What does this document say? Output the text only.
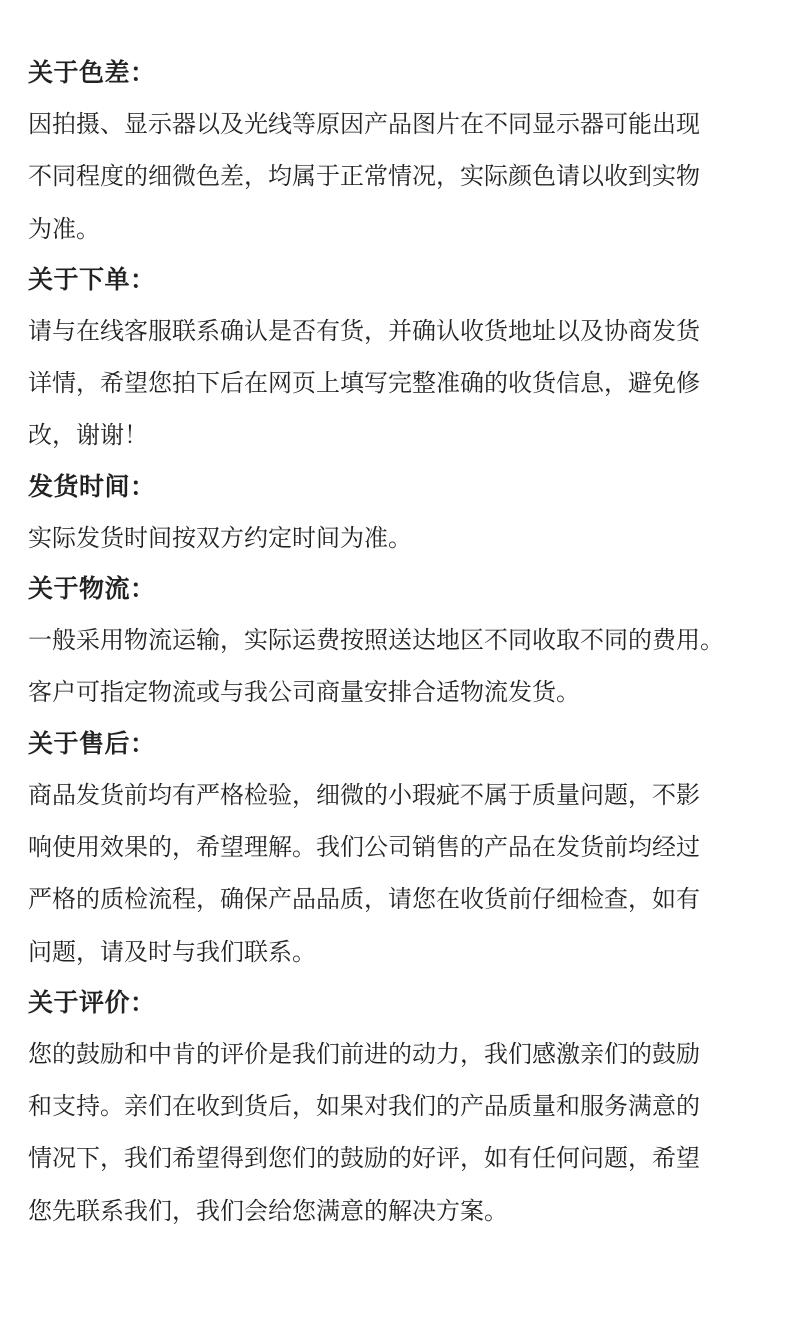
关于色差：

因拍摄、显示器以及光线等原因产品图片在不同显示器可能出现
不同程度的细微色差，均属于正常情况，实际颜色请以收到实物
为准。

关于下单：

请与在线客服联系确认是否有货，并确认收货地址以及协商发货
详情，希望您拍下后在网页上填写完整准确的收货信息，避免修
改，谢谢！

发货时间：

实际发货时间按双方约定时间为准。

关于物流：

一般采用物流运输，实际运费按照送达地区不同收取不同的费用。
客户可指定物流或与我公司商量安排合适物流发货。

关于售后：

商品发货前均有严格检验，细微的小瑕疵不属于质量问题，不影
响使用效果的，希望理解。我们公司销售的产品在发货前均经过
严格的质检流程，确保产品品质，请您在收货前仔细检查，如有
问题，请及时与我们联系。

关于评价：

您的鼓励和中肯的评价是我们前进的动力，我们感激亲们的鼓励
和支持。亲们在收到货后，如果对我们的产品质量和服务满意的
情况下，我们希望得到您们的鼓励的好评，如有任何问题，希望
您先联系我们，我们会给您满意的解决方案。
